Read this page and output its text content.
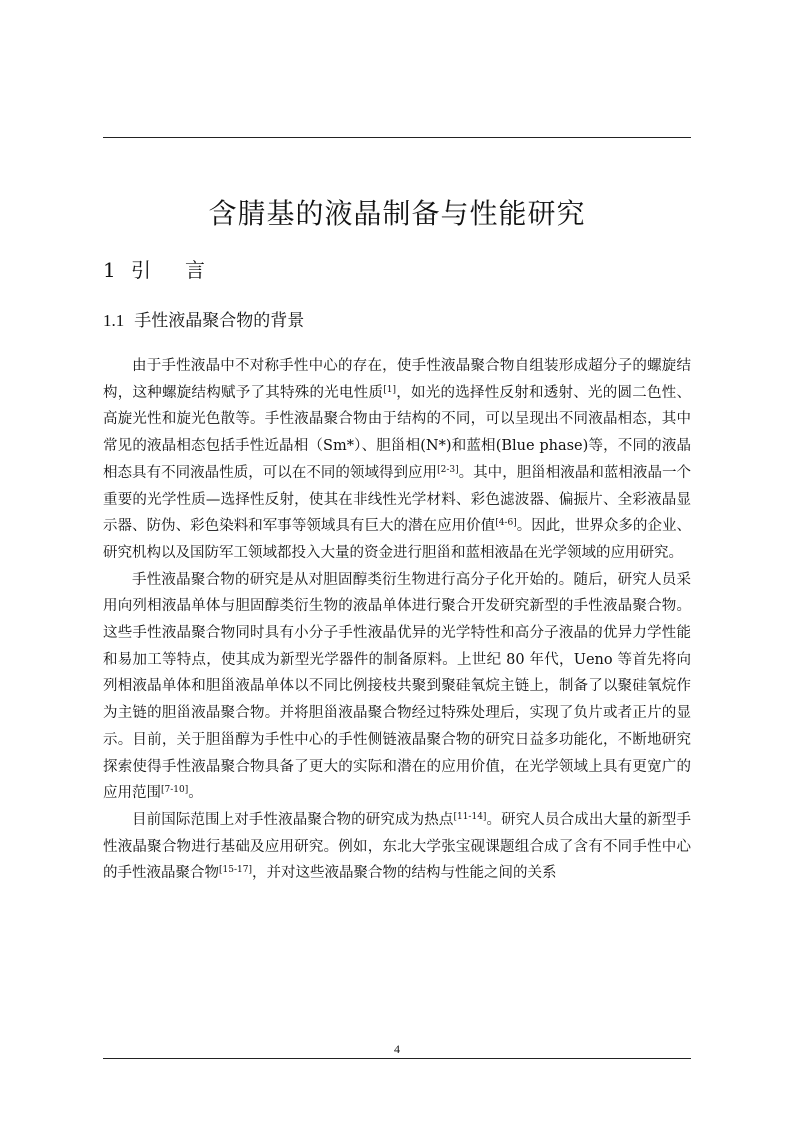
含腈基的液晶制备与性能研究
1 引言
1.1 手性液晶聚合物的背景

由于手性液晶中不对称手性中心的存在，使手性液晶聚合物自组装形成超分子的螺旋结构，这种螺旋结构赋予了其特殊的光电性质[1]，如光的选择性反射和透射、光的圆二色性、高旋光性和旋光色散等。手性液晶聚合物由于结构的不同，可以呈现出不同液晶相态，其中常见的液晶相态包括手性近晶相（Sm*）、胆甾相(N*)和蓝相(Blue phase)等，不同的液晶相态具有不同液晶性质，可以在不同的领域得到应用[2-3]。其中，胆甾相液晶和蓝相液晶一个重要的光学性质—选择性反射，使其在非线性光学材料、彩色滤波器、偏振片、全彩液晶显示器、防伪、彩色染料和军事等领域具有巨大的潜在应用价值[4-6]。因此，世界众多的企业、研究机构以及国防军工领域都投入大量的资金进行胆甾和蓝相液晶在光学领域的应用研究。

手性液晶聚合物的研究是从对胆固醇类衍生物进行高分子化开始的。随后，研究人员采用向列相液晶单体与胆固醇类衍生物的液晶单体进行聚合开发研究新型的手性液晶聚合物。这些手性液晶聚合物同时具有小分子手性液晶优异的光学特性和高分子液晶的优异力学性能和易加工等特点，使其成为新型光学器件的制备原料。上世纪 80 年代，Ueno 等首先将向列相液晶单体和胆甾液晶单体以不同比例接枝共聚到聚硅氧烷主链上，制备了以聚硅氧烷作为主链的胆甾液晶聚合物。并将胆甾液晶聚合物经过特殊处理后，实现了负片或者正片的显示。目前，关于胆甾醇为手性中心的手性侧链液晶聚合物的研究日益多功能化，不断地研究探索使得手性液晶聚合物具备了更大的实际和潜在的应用价值，在光学领域上具有更宽广的应用范围[7-10]。

目前国际范围上对手性液晶聚合物的研究成为热点[11-14]。研究人员合成出大量的新型手性液晶聚合物进行基础及应用研究。例如，东北大学张宝砚课题组合成了含有不同手性中心的手性液晶聚合物[15-17]，并对这些液晶聚合物的结构与性能之间的关系

4
